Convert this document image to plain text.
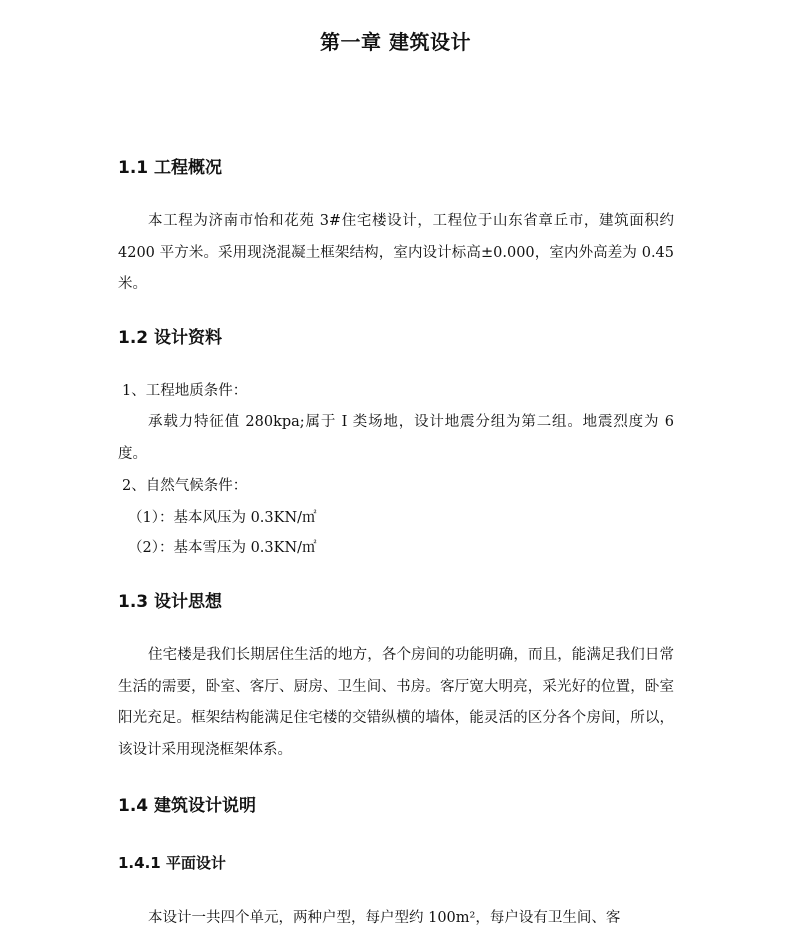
第一章 建筑设计
1.1 工程概况

本工程为济南市怡和花苑 3#住宅楼设计，工程位于山东省章丘市，建筑面积约 4200 平方米。采用现浇混凝土框架结构，室内设计标高±0.000，室内外高差为 0.45 米。

1.2 设计资料
1、工程地质条件：

承载力特征值 280kpa;属于 I 类场地，设计地震分组为第二组。地震烈度为 6 度。

2、自然气候条件：
（1）：基本风压为 0.3KN/㎡
（2）：基本雪压为 0.3KN/㎡
1.3 设计思想

住宅楼是我们长期居住生活的地方，各个房间的功能明确，而且，能满足我们日常生活的需要，卧室、客厅、厨房、卫生间、书房。客厅宽大明亮，采光好的位置，卧室阳光充足。框架结构能满足住宅楼的交错纵横的墙体，能灵活的区分各个房间，所以，该设计采用现浇框架体系。

1.4 建筑设计说明
1.4.1 平面设计

本设计一共四个单元，两种户型，每户型约 100m²，每户设有卫生间、客
